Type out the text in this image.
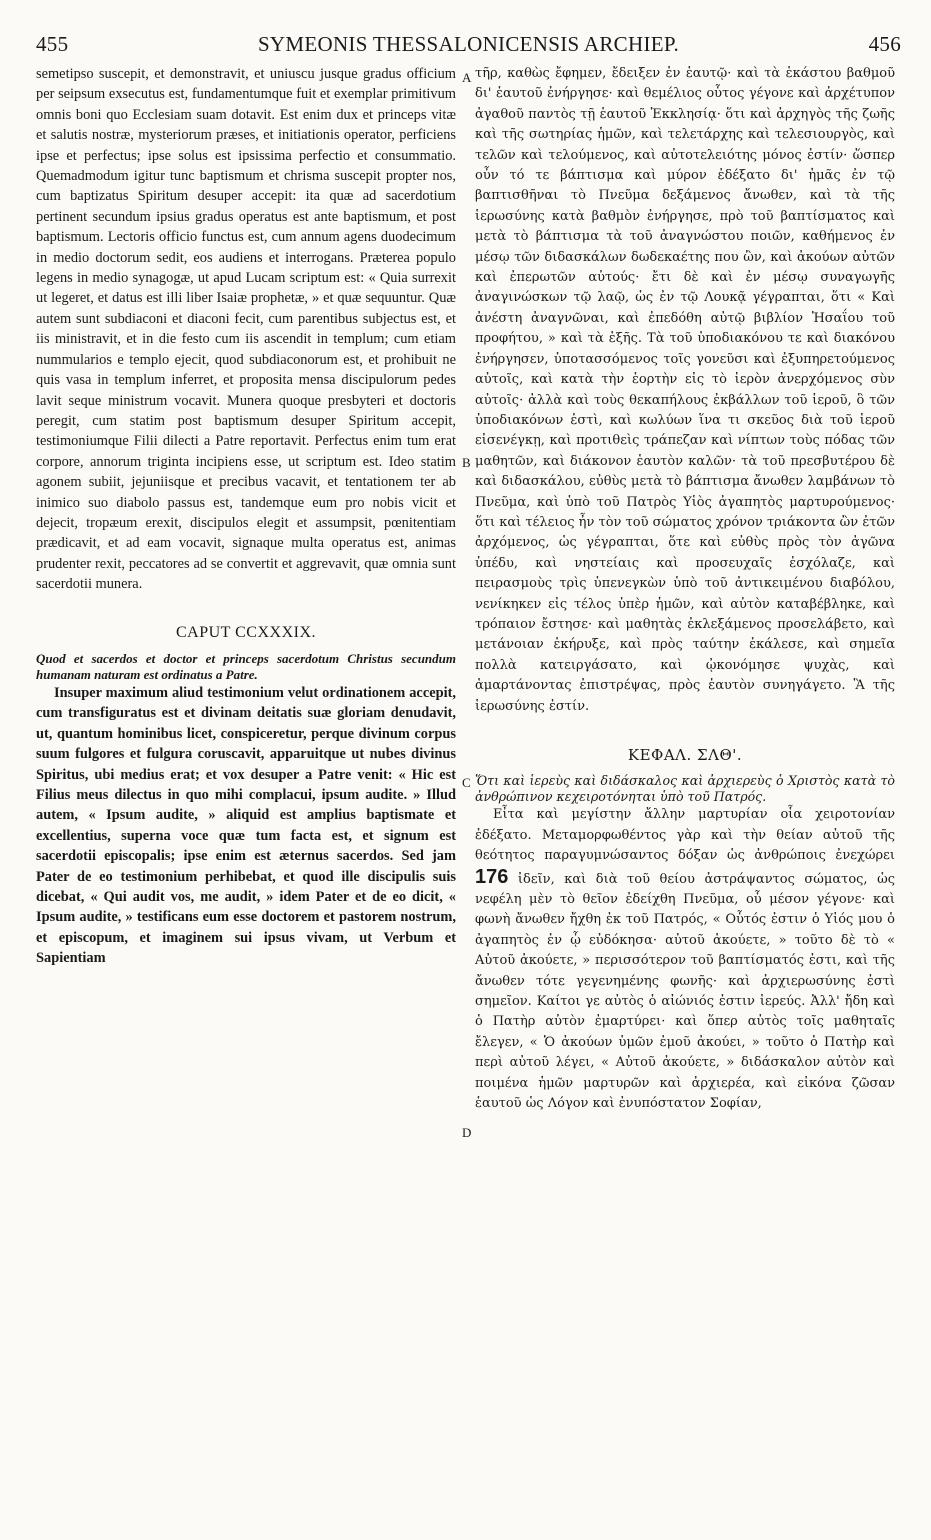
455	SYMEONIS THESSALONICENSIS ARCHIEP.	456
A
B
C
D

semetipso suscepit, et demonstravit, et uniuscu jusque gradus officium per seipsum exsecutus est, fundamentumque fuit et exemplar primitivum omnis boni quo Ecclesiam suam dotavit. Est enim dux et princeps vitæ et salutis nostræ, mysteriorum præses, et initiationis operator, perficiens ipse et perfectus; ipse solus est ipsissima perfectio et consummatio. Quemadmodum igitur tunc baptismum et chrisma suscepit propter nos, cum baptizatus Spiritum desuper accepit: ita quæ ad sacerdotium pertinent secundum ipsius gradus operatus est ante baptismum, et post baptismum. Lectoris officio functus est, cum annum agens duodecimum in medio doctorum sedit, eos audiens et interrogans. Præterea populo legens in medio synagogæ, ut apud Lucam scriptum est: « Quia surrexit ut legeret, et datus est illi liber Isaiæ prophetæ, » et quæ sequuntur. Quæ autem sunt subdiaconi et diaconi fecit, cum parentibus subjectus est, et iis ministravit, et in die festo cum iis ascendit in templum; cum etiam nummularios e templo ejecit, quod subdiaconorum est, et prohibuit ne quis vasa in templum inferret, et proposita mensa discipulorum pedes lavit seque ministrum vocavit. Munera quoque presbyteri et doctoris peregit, cum statim post baptismum desuper Spiritum accepit, testimoniumque Filii dilecti a Patre reportavit. Perfectus enim tum erat corpore, annorum triginta incipiens esse, ut scriptum est. Ideo statim agonem subiit, jejuniisque et precibus vacavit, et tentationem ter ab inimico suo diabolo passus est, tandemque eum pro nobis vicit et dejecit, tropæum erexit, discipulos elegit et assumpsit, pœnitentiam prædicavit, et ad eam vocavit, signaque multa operatus est, animas prudenter rexit, peccatores ad se convertit et aggrevavit, quæ omnia sunt sacerdotii munera.

CAPUT CCXXXIX.

Quod et sacerdos et doctor et princeps sacerdotum Christus secundum humanam naturam est ordinatus a Patre.

Insuper maximum aliud testimonium velut ordinationem accepit, cum transfiguratus est et divinam deitatis suæ gloriam denudavit, ut, quantum hominibus licet, conspiceretur, perque divinum corpus suum fulgores et fulgura coruscavit, apparuitque ut nubes divinus Spiritus, ubi medius erat; et vox desuper a Patre venit: « Hic est Filius meus dilectus in quo mihi complacui, ipsum audite. » Illud autem, « Ipsum audite, » aliquid est amplius baptismate et excellentius, superna voce quæ tum facta est, et signum est sacerdotii episcopalis; ipse enim est æternus sacerdos. Sed jam Pater de eo testimonium perhibebat, et quod ille discipulis suis dicebat, « Qui audit vos, me audit, » idem Pater et de eo dicit, « Ipsum audite, » testificans eum esse doctorem et pastorem nostrum, et episcopum, et imaginem sui ipsus vivam, ut Verbum et Sapientiam

τῆρ, καθὼς ἔφημεν, ἔδειξεν ἐν ἑαυτῷ· καὶ τὰ ἑκάστου βαθμοῦ δι' ἑαυτοῦ ἐνήργησε· καὶ θεμέλιος οὗτος γέγονε καὶ ἀρχέτυπον ἀγαθοῦ παντὸς τῇ ἑαυτοῦ Ἐκκλησίᾳ· ὅτι καὶ ἀρχηγὸς τῆς ζωῆς καὶ τῆς σωτηρίας ἡμῶν, καὶ τελετάρχης καὶ τελεσιουργὸς, καὶ τελῶν καὶ τελούμενος, καὶ αὐτοτελειότης μόνος ἐστίν· ὥσπερ οὖν τό τε βάπτισμα καὶ μύρον ἐδέξατο δι' ἡμᾶς ἐν τῷ βαπτισθῆναι τὸ Πνεῦμα δεξάμενος ἄνωθεν, καὶ τὰ τῆς ἱερωσύνης κατὰ βαθμὸν ἐνήργησε, πρὸ τοῦ βαπτίσματος καὶ μετὰ τὸ βάπτισμα τὰ τοῦ ἀναγνώστου ποιῶν, καθήμενος ἐν μέσῳ τῶν διδασκάλων δωδεκαέτης που ὢν, καὶ ἀκούων αὐτῶν καὶ ἐπερωτῶν αὐτούς· ἔτι δὲ καὶ ἐν μέσῳ συναγωγῆς ἀναγινώσκων τῷ λαῷ, ὡς ἐν τῷ Λουκᾷ γέγραπται, ὅτι « Καὶ ἀνέστη ἀναγνῶναι, καὶ ἐπεδόθη αὐτῷ βιβλίον Ἠσαΐου τοῦ προφήτου, » καὶ τὰ ἑξῆς. Τὰ τοῦ ὑποδιακόνου τε καὶ διακόνου ἐνήργησεν, ὑποτασσόμενος τοῖς γονεῦσι καὶ ἐξυπηρετούμενος αὐτοῖς, καὶ κατὰ τὴν ἑορτὴν εἰς τὸ ἱερὸν ἀνερχόμενος σὺν αὐτοῖς· ἀλλὰ καὶ τοὺς θεκαπήλους ἐκβάλλων τοῦ ἱεροῦ, ὃ τῶν ὑποδιακόνων ἐστὶ, καὶ κωλύων ἵνα τι σκεῦος διὰ τοῦ ἱεροῦ εἰσενέγκῃ, καὶ προτιθεὶς τράπεζαν καὶ νίπτων τοὺς πόδας τῶν μαθητῶν, καὶ διάκονον ἑαυτὸν καλῶν· τὰ τοῦ πρεσβυτέρου δὲ καὶ διδασκάλου, εὐθὺς μετὰ τὸ βάπτισμα ἄνωθεν λαμβάνων τὸ Πνεῦμα, καὶ ὑπὸ τοῦ Πατρὸς Υἱὸς ἀγαπητὸς μαρτυρούμενος· ὅτι καὶ τέλειος ἦν τὸν τοῦ σώματος χρόνον τριάκοντα ὢν ἐτῶν ἀρχόμενος, ὡς γέγραπται, ὅτε καὶ εὐθὺς πρὸς τὸν ἀγῶνα ὑπέδυ, καὶ νηστείαις καὶ προσευχαῖς ἐσχόλαζε, καὶ πειρασμοὺς τρὶς ὑπενεγκὼν ὑπὸ τοῦ ἀντικειμένου διαβόλου, νενίκηκεν εἰς τέλος ὑπὲρ ἡμῶν, καὶ αὐτὸν καταβέβληκε, καὶ τρόπαιον ἔστησε· καὶ μαθητὰς ἐκλεξάμενος προσελάβετο, καὶ μετάνοιαν ἐκήρυξε, καὶ πρὸς ταύτην ἐκάλεσε, καὶ σημεῖα πολλὰ κατειργάσατο, καὶ ᾠκονόμησε ψυχὰς, καὶ ἁμαρτάνοντας ἐπιστρέψας, πρὸς ἑαυτὸν συνηγάγετο. Ἃ τῆς ἱερωσύνης ἐστίν.

ΚΕΦΑΛ. ΣΛΘ'.

Ὅτι καὶ ἱερεὺς καὶ διδάσκαλος καὶ ἀρχιερεὺς ὁ Χριστὸς κατὰ τὸ ἀνθρώπινον κεχειροτόνηται ὑπὸ τοῦ Πατρός.

Εἶτα καὶ μεγίστην ἄλλην μαρτυρίαν οἷα χειροτονίαν ἐδέξατο. Μεταμορφωθέντος γὰρ καὶ τὴν θείαν αὐτοῦ τῆς θεότητος παραγυμνώσαντος δόξαν ὡς ἀνθρώποις ἐνεχώρει 176 ἰδεῖν, καὶ διὰ τοῦ θείου ἀστράψαντος σώματος, ὡς νεφέλη μὲν τὸ θεῖον ἐδείχθη Πνεῦμα, οὗ μέσον γέγονε· καὶ φωνὴ ἄνωθεν ἤχθη ἐκ τοῦ Πατρός, « Οὗτός ἐστιν ὁ Υἱός μου ὁ ἀγαπητὸς ἐν ᾧ εὐδόκησα· αὐτοῦ ἀκούετε, » τοῦτο δὲ τὸ « Αὐτοῦ ἀκούετε, » περισσότερον τοῦ βαπτίσματός ἐστι, καὶ τῆς ἄνωθεν τότε γεγενημένης φωνῆς· καὶ ἀρχιερωσύνης ἐστὶ σημεῖον. Καίτοι γε αὐτὸς ὁ αἰώνιός ἐστιν ἱερεύς. Ἀλλ' ἤδη καὶ ὁ Πατὴρ αὐτὸν ἐμαρτύρει· καὶ ὅπερ αὐτὸς τοῖς μαθηταῖς ἔλεγεν, « Ὁ ἀκούων ὑμῶν ἐμοῦ ἀκούει, » τοῦτο ὁ Πατὴρ καὶ περὶ αὐτοῦ λέγει, « Αὐτοῦ ἀκούετε, » διδάσκαλον αὐτὸν καὶ ποιμένα ἡμῶν μαρτυρῶν καὶ ἀρχιερέα, καὶ εἰκόνα ζῶσαν ἑαυτοῦ ὡς Λόγον καὶ ἐνυπόστατον Σοφίαν,
